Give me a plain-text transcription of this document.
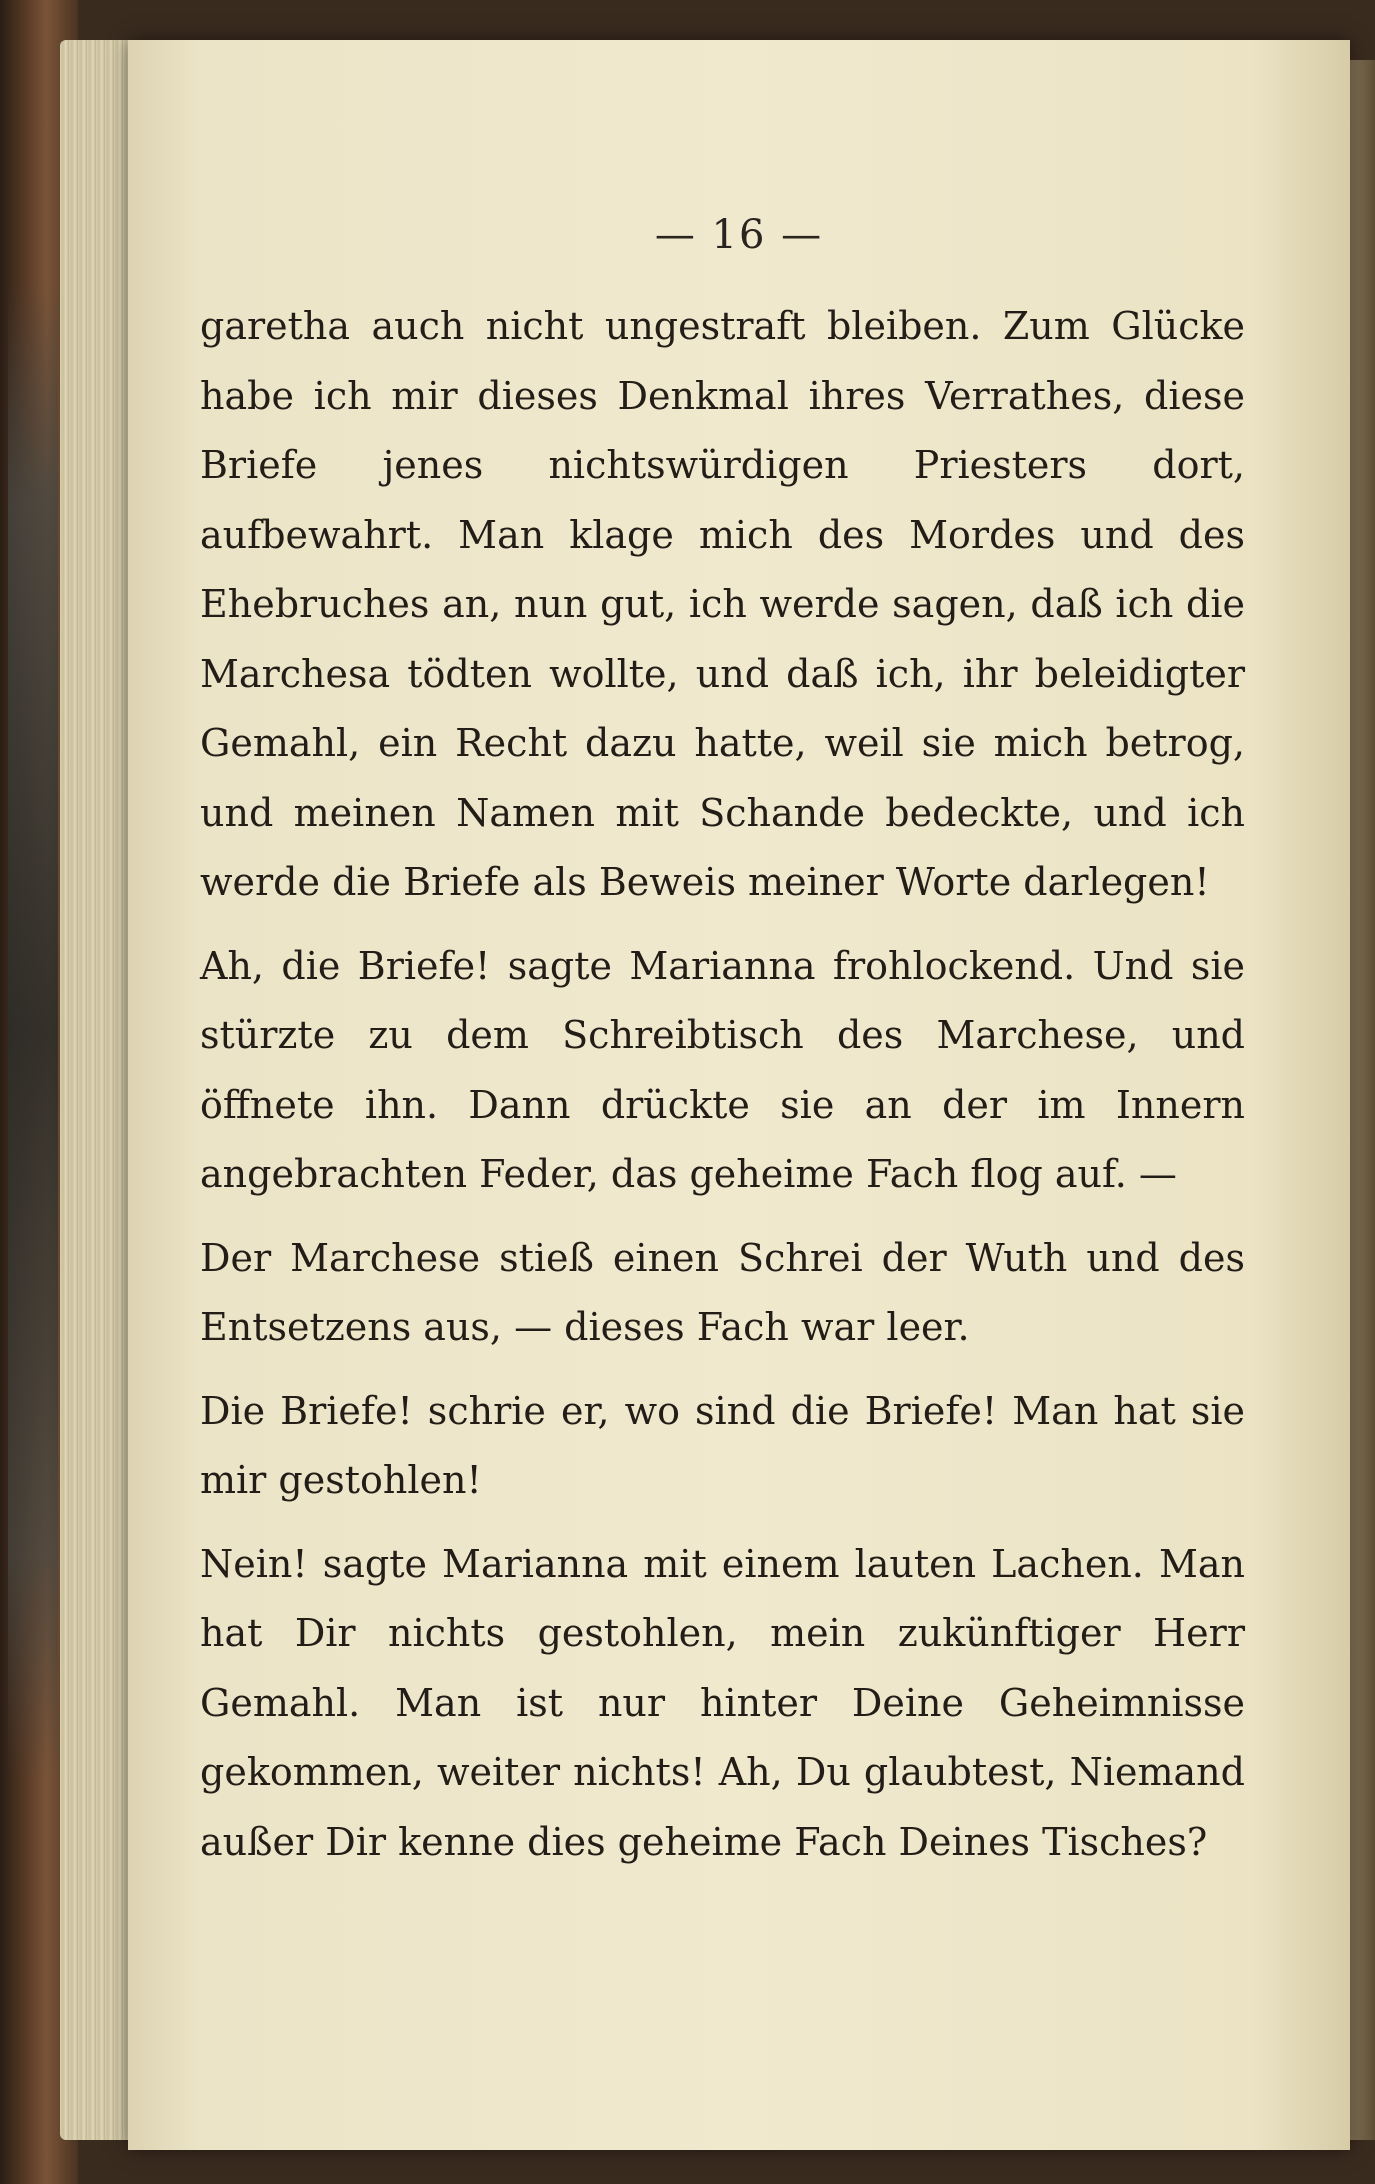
— 16 —

garetha auch nicht ungestraft bleiben. Zum Glücke habe ich mir dieses Denkmal ihres Verrathes, diese Briefe jenes nichtswürdigen Priesters dort, aufbewahrt. Man klage mich des Mordes und des Ehebruches an, nun gut, ich werde sagen, daß ich die Marchesa tödten wollte, und daß ich, ihr beleidigter Gemahl, ein Recht dazu hatte, weil sie mich betrog, und meinen Namen mit Schande bedeckte, und ich werde die Briefe als Beweis meiner Worte darlegen!

Ah, die Briefe! sagte Marianna frohlockend. Und sie stürzte zu dem Schreibtisch des Marchese, und öffnete ihn. Dann drückte sie an der im Innern angebrachten Feder, das geheime Fach flog auf. —

Der Marchese stieß einen Schrei der Wuth und des Entsetzens aus, — dieses Fach war leer.

Die Briefe! schrie er, wo sind die Briefe! Man hat sie mir gestohlen!

Nein! sagte Marianna mit einem lauten Lachen. Man hat Dir nichts gestohlen, mein zukünftiger Herr Gemahl. Man ist nur hinter Deine Geheimnisse gekommen, weiter nichts! Ah, Du glaubtest, Niemand außer Dir kenne dies geheime Fach Deines Tisches?
